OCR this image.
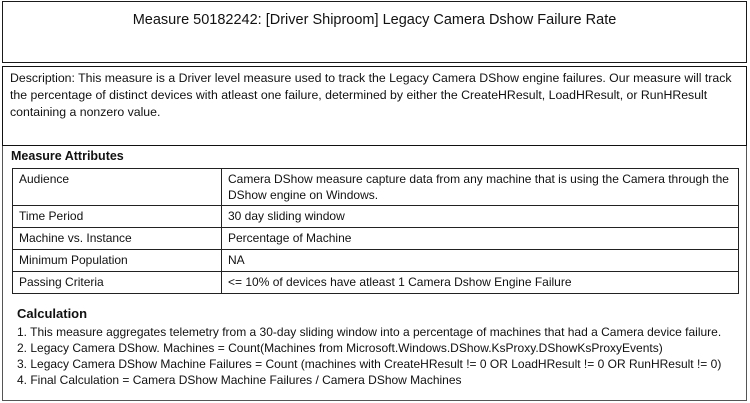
Measure 50182242: [Driver Shiproom] Legacy Camera Dshow Failure Rate
Description: This measure is a Driver level measure used to track the Legacy Camera DShow engine failures. Our measure will track the percentage of distinct devices with atleast one failure, determined by either the CreateHResult, LoadHResult, or RunHResult containing a nonzero value.
Measure Attributes
Audience	Camera DShow measure capture data from any machine that is using the Camera through the DShow engine on Windows.
Time Period	30 day sliding window
Machine vs. Instance	Percentage of Machine
Minimum Population	NA
Passing Criteria	<= 10% of devices have atleast 1 Camera Dshow Engine Failure
Calculation
1. This measure aggregates telemetry from a 30-day sliding window into a percentage of machines that had a Camera device failure.
2. Legacy Camera DShow. Machines = Count(Machines from Microsoft.Windows.DShow.KsProxy.DShowKsProxyEvents)
3. Legacy Camera DShow Machine Failures = Count (machines with CreateHResult != 0 OR LoadHResult != 0 OR RunHResult != 0)
4. Final Calculation = Camera DShow Machine Failures / Camera DShow Machines
